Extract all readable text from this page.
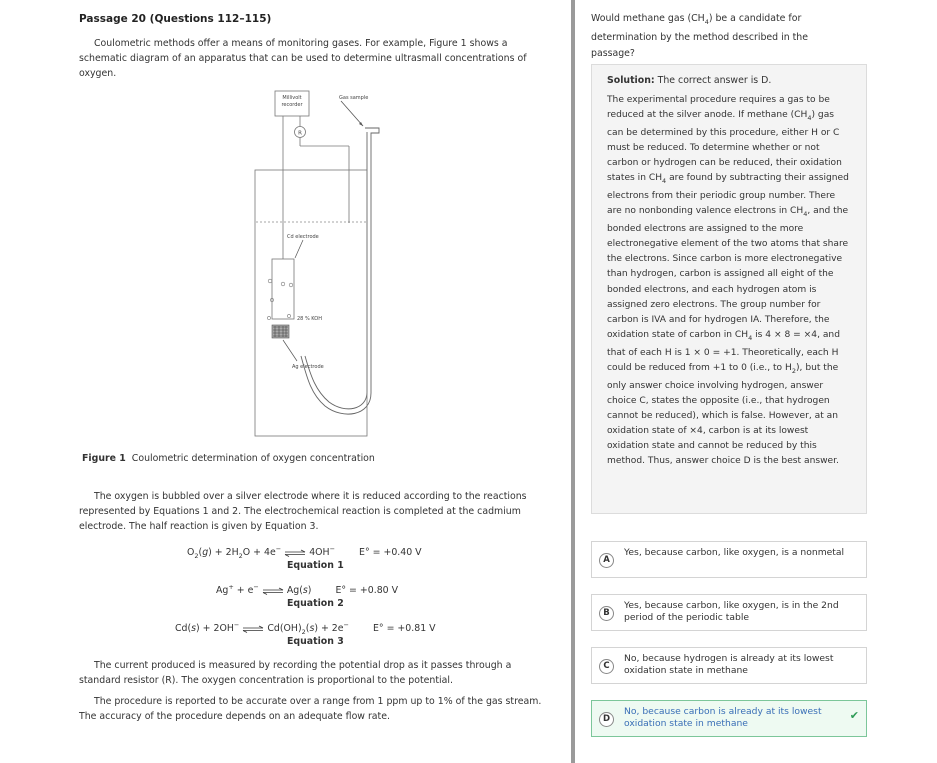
Passage 20 (Questions 112–115)
Coulometric methods offer a means of monitoring gases. For example, Figure 1 shows a schematic diagram of an apparatus that can be used to determine ultrasmall concentrations of oxygen.
Millivolt
recorder
R
Gas sample
Cd electrode
28 % KOH
Ag electrode
Figure 1 Coulometric determination of oxygen concentration
The oxygen is bubbled over a silver electrode where it is reduced according to the reactions represented by Equations 1 and 2. The electrochemical reaction is completed at the cadmium electrode. The half reaction is given by Equation 3.
$O_2(g) + 2H_2O + 4e^-$	4OH−	E° = +0.40 V
Equation 1
Ag+ + e−	Ag(s)	E° = +0.80 V
Equation 2
Cd(s) + 2OH−	$Cd(OH)_2(s) + 2e^-$	E° = +0.81 V
Equation 3
The current produced is measured by recording the potential drop as it passes through a standard resistor (R). The oxygen concentration is proportional to the potential.
The procedure is reported to be accurate over a range from 1 ppm up to 1% of the gas stream. The accuracy of the procedure depends on an adequate flow rate.
Would methane gas $(CH_4)$ be a candidate for determination by the method described in the passage?
Solution: The correct answer is D.
The experimental procedure requires a gas to be reduced at the silver anode. If methane $(CH_4)$ gas can be determined by this procedure, either H or C must be reduced. To determine whether or not carbon or hydrogen can be reduced, their oxidation states in $CH_4$ are found by subtracting their assigned electrons from their periodic group number. There are no nonbonding valence electrons in $CH_4$, and the bonded electrons are assigned to the more electronegative element of the two atoms that share the electrons. Since carbon is more electronegative than hydrogen, carbon is assigned all eight of the bonded electrons, and each hydrogen atom is assigned zero electrons. The group number for carbon is IVA and for hydrogen IA. Therefore, the oxidation state of carbon in $CH_4$ is 4 × 8 = ×4, and that of each H is 1 × 0 = +1. Theoretically, each H could be reduced from +1 to 0 (i.e., to $H_2$), but the only answer choice involving hydrogen, answer choice C, states the opposite (i.e., that hydrogen cannot be reduced), which is false. However, at an oxidation state of ×4, carbon is at its lowest oxidation state and cannot be reduced by this method. Thus, answer choice D is the best answer.
A
Yes, because carbon, like oxygen, is a nonmetal
B
Yes, because carbon, like oxygen, is in the 2nd period of the periodic table
C
No, because hydrogen is already at its lowest oxidation state in methane
D
No, because carbon is already at its lowest oxidation state in methane
✔
